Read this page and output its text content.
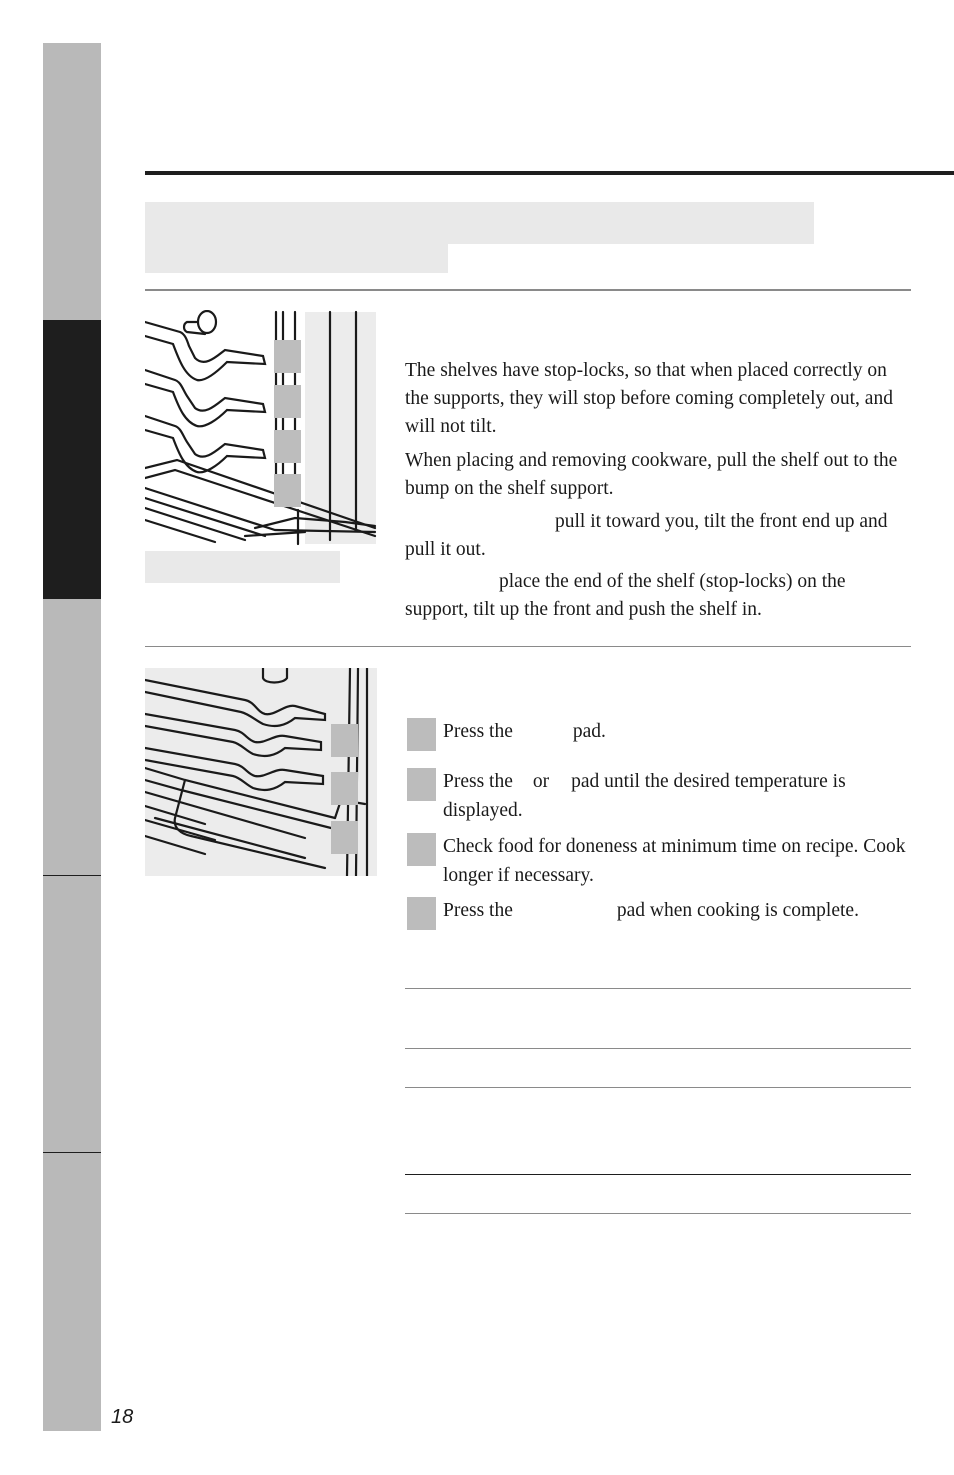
18

The shelves have stop-locks, so that when placed correctly on the supports, they will stop before coming completely out, and will not tilt.

When placing and removing cookware, pull the shelf out to the bump on the shelf support.

pull it toward you, tilt the front end up and pull it out.

place the end of the shelf (stop-locks) on the support, tilt up the front and push the shelf in.

Press the	pad.

Press the or pad until the desired temperature is displayed.

Check food for doneness at minimum time on recipe. Cook longer if necessary.

Press the	pad when cooking is complete.
